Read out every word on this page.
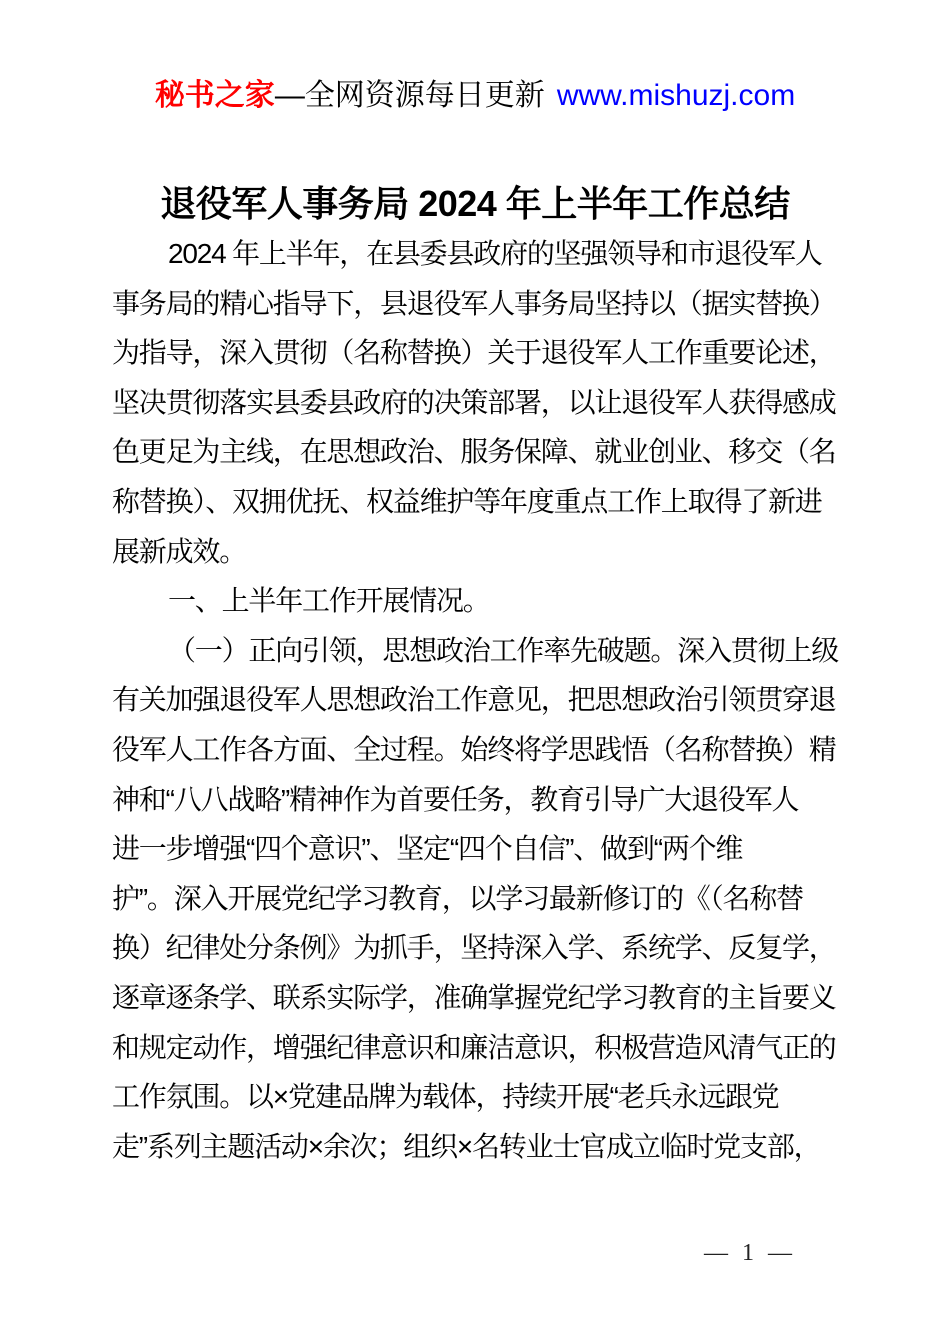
秘书之家—全网资源每日更新 www.mishuzj.com
退役军人事务局 2024 年上半年工作总结
2024 年上半年，在县委县政府的坚强领导和市退役军人
事务局的精心指导下，县退役军人事务局坚持以（据实替换）
为指导，深入贯彻（名称替换）关于退役军人工作重要论述，
坚决贯彻落实县委县政府的决策部署，以让退役军人获得感成
色更足为主线，在思想政治、服务保障、就业创业、移交（名
称替换）、双拥优抚、权益维护等年度重点工作上取得了新进
展新成效。
一、上半年工作开展情况。
（一）正向引领，思想政治工作率先破题。深入贯彻上级
有关加强退役军人思想政治工作意见，把思想政治引领贯穿退
役军人工作各方面、全过程。始终将学思践悟（名称替换）精
神和“八八战略”精神作为首要任务，教育引导广大退役军人
进一步增强“四个意识”、坚定“四个自信”、做到“两个维
护”。深入开展党纪学习教育，以学习最新修订的《（名称替
换）纪律处分条例》为抓手，坚持深入学、系统学、反复学，
逐章逐条学、联系实际学，准确掌握党纪学习教育的主旨要义
和规定动作，增强纪律意识和廉洁意识，积极营造风清气正的
工作氛围。以×党建品牌为载体，持续开展“老兵永远跟党
走”系列主题活动×余次；组织×名转业士官成立临时党支部，
— 1 —
